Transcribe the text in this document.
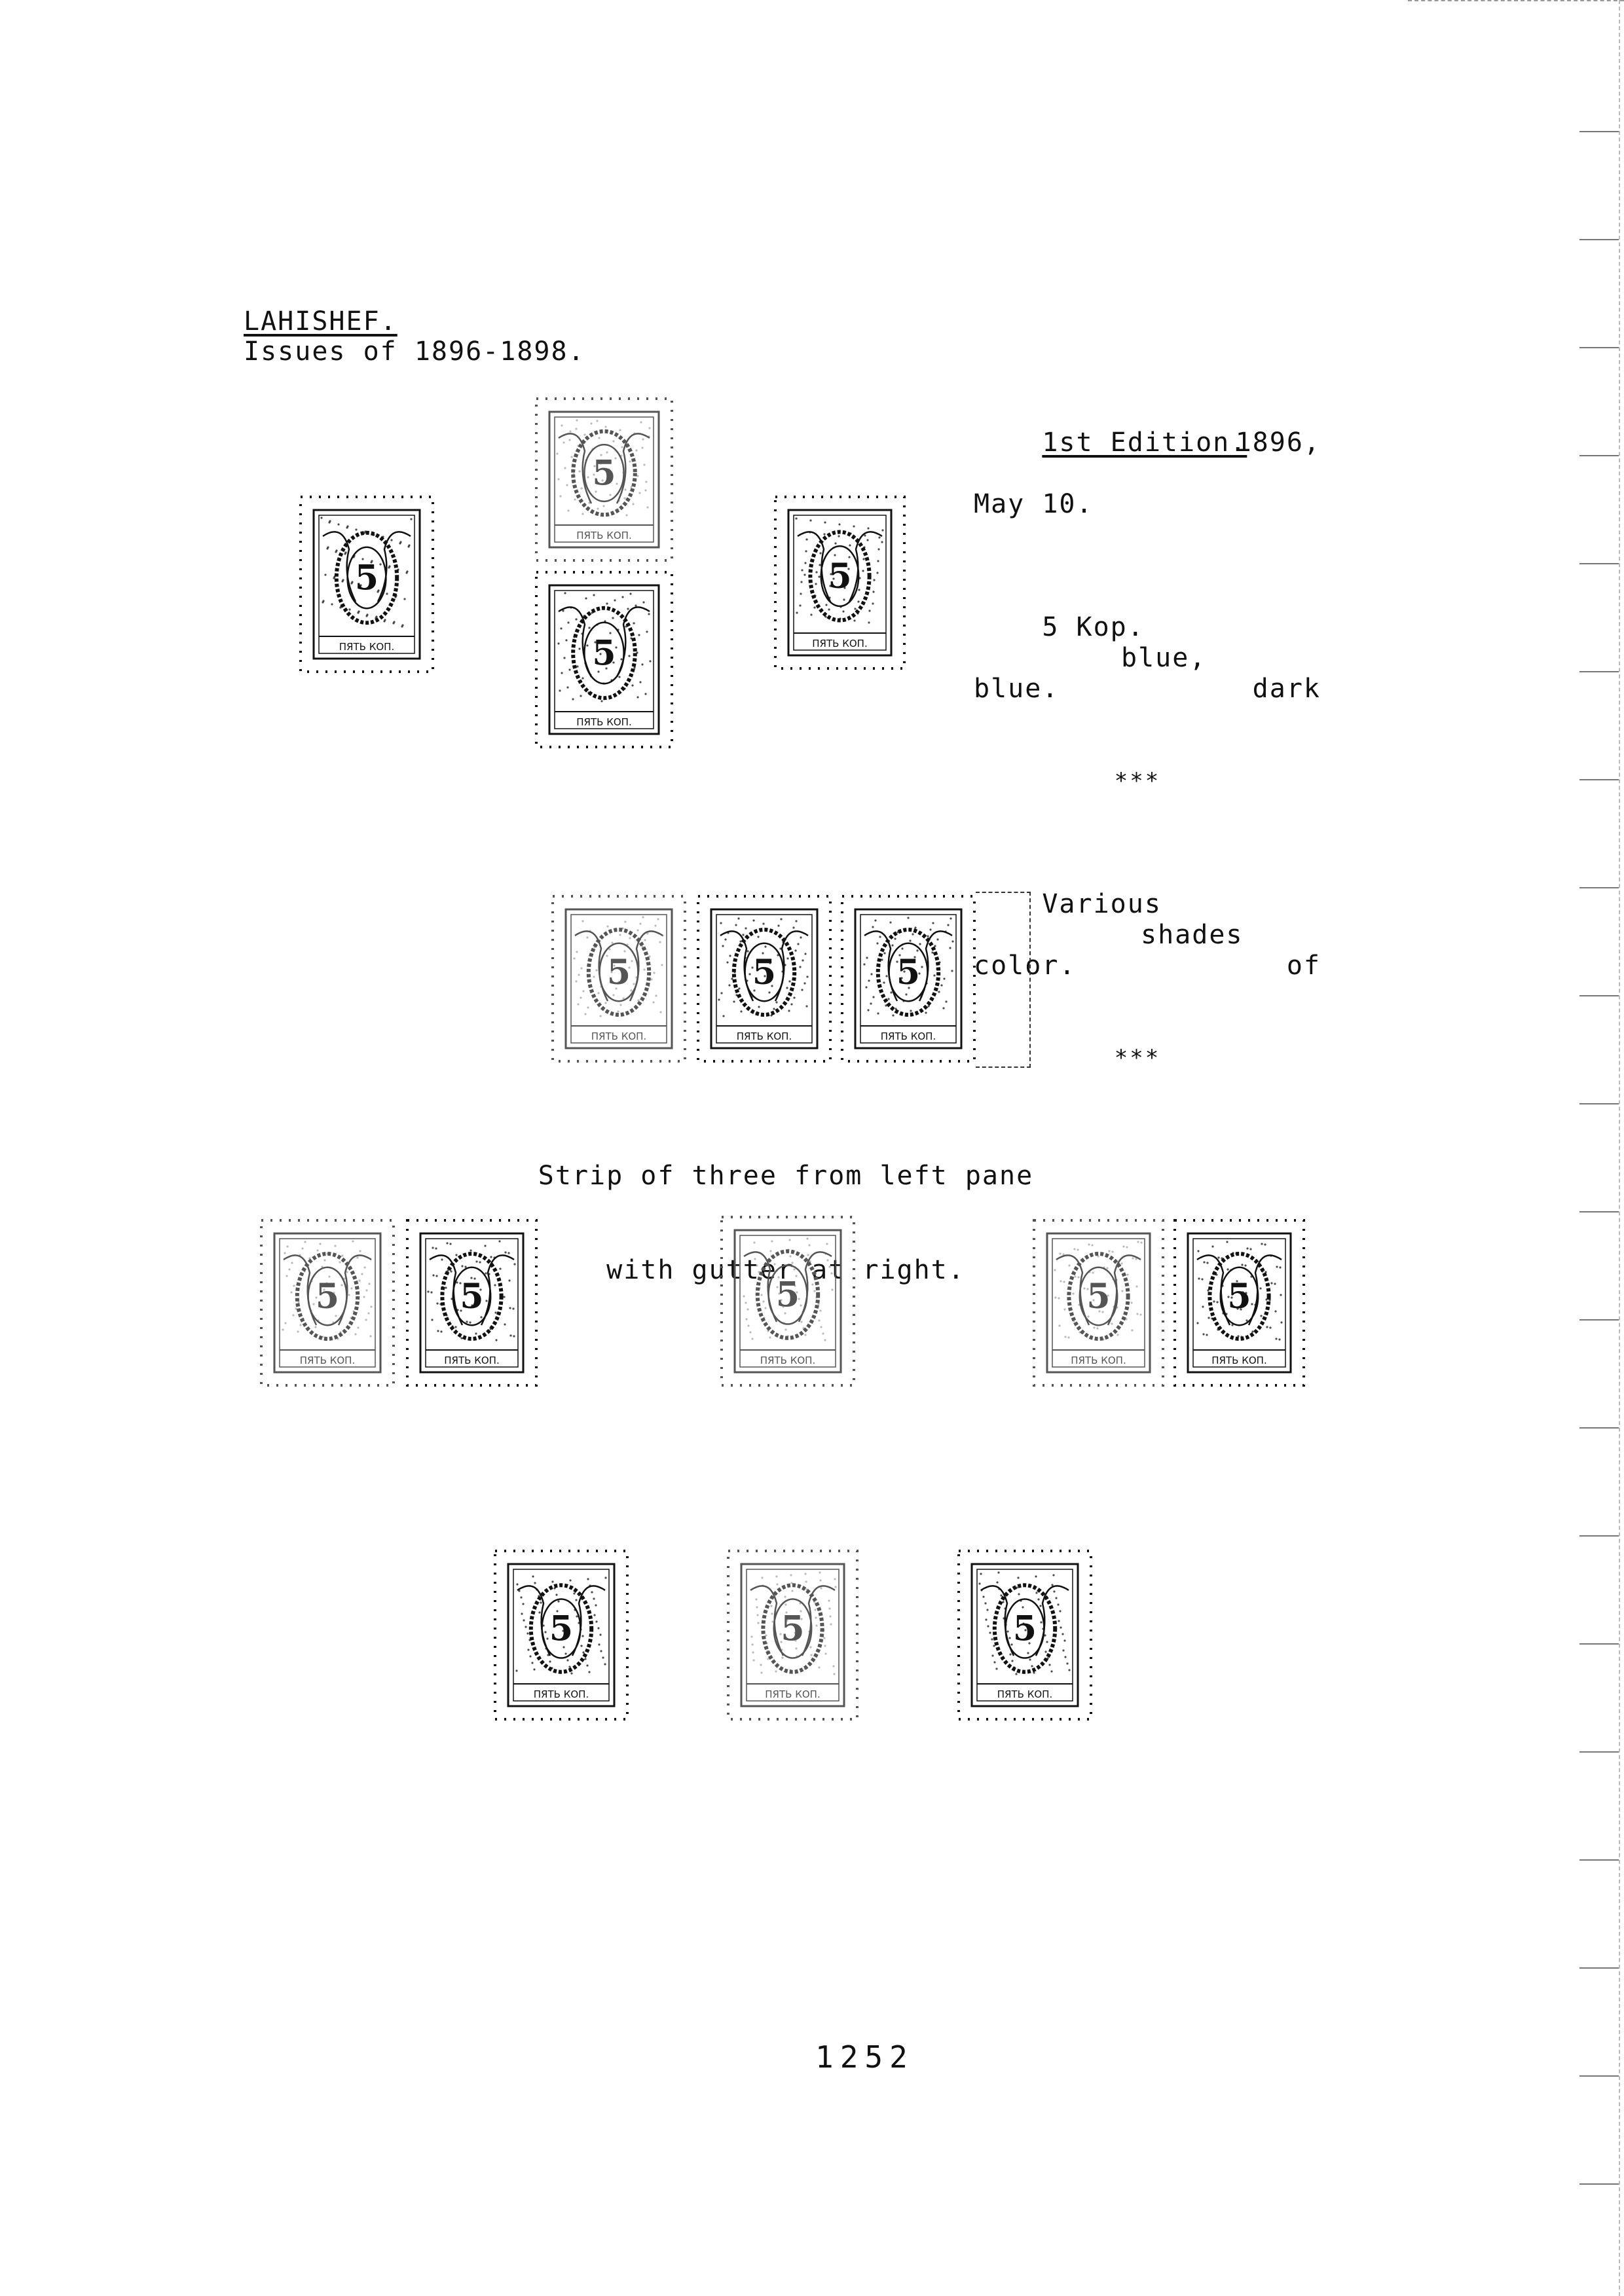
LAHISHEF.
Issues of 1896-1898.

1st Edition.
1896,

May 10.

5 Kop.

blue,

dark

blue.

***

Various

shades

of

color.

***

5
ПЯТЬ КОП.
5
ПЯТЬ КОП.
5
ПЯТЬ КОП.
5
ПЯТЬ КОП.
5
ПЯТЬ КОП.
5
ПЯТЬ КОП.
5
ПЯТЬ КОП.

Strip of three from left pane

with gutter at right.

5
ПЯТЬ КОП.
5
ПЯТЬ КОП.
5
ПЯТЬ КОП.
5
ПЯТЬ КОП.
5
ПЯТЬ КОП.
5
ПЯТЬ КОП.
5
ПЯТЬ КОП.
5
ПЯТЬ КОП.
1252
